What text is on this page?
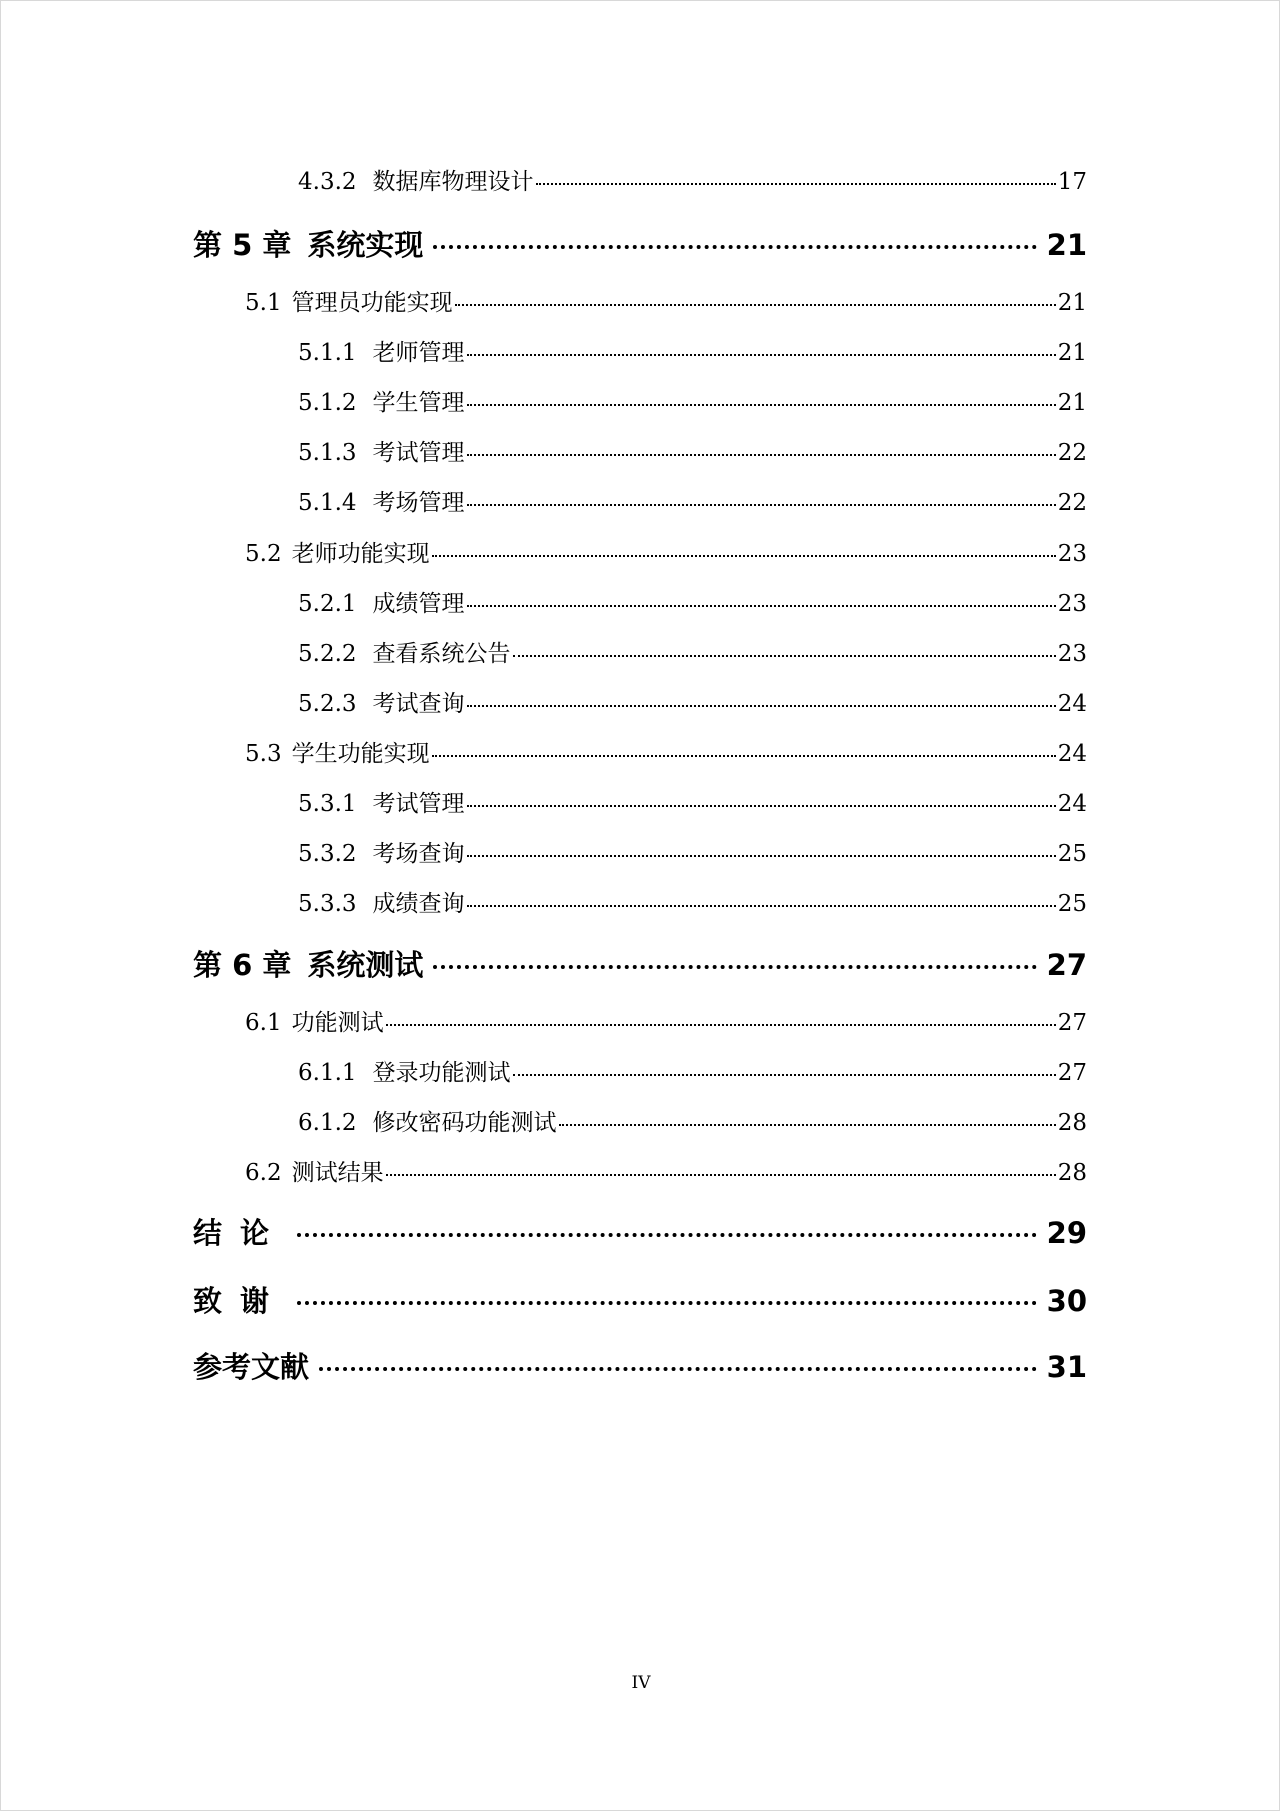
4.3.2 数据库物理设计	17
第 5 章 系统实现	21
5.1 管理员功能实现	21
5.1.1 老师管理	21
5.1.2 学生管理	21
5.1.3 考试管理	22
5.1.4 考场管理	22
5.2 老师功能实现	23
5.2.1 成绩管理	23
5.2.2 查看系统公告	23
5.2.3 考试查询	24
5.3 学生功能实现	24
5.3.1 考试管理	24
5.3.2 考场查询	25
5.3.3 成绩查询	25
第 6 章 系统测试	27
6.1 功能测试	27
6.1.1 登录功能测试	27
6.1.2 修改密码功能测试	28
6.2 测试结果	28
结论	29
致谢	30
参考文献	31
IV
